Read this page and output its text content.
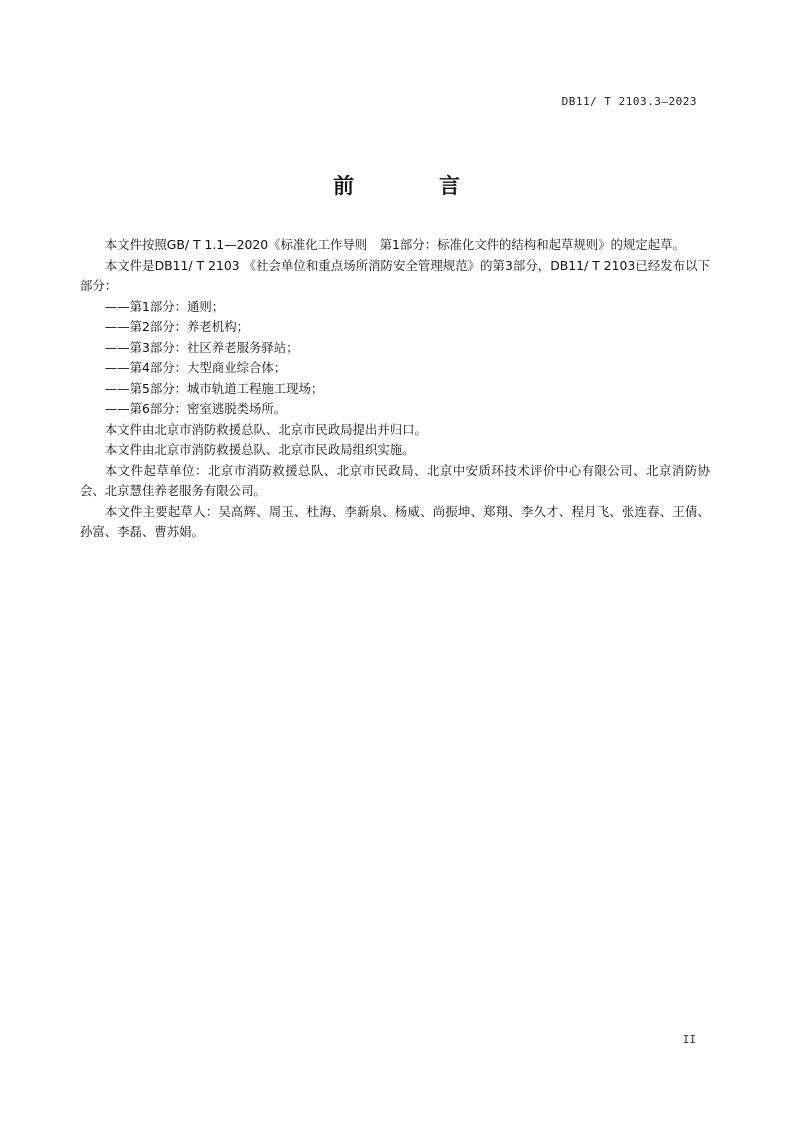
DB11/ T 2103.3—2023
前　言

本文件按照GB/ T 1.1—2020《标准化工作导则　第1部分：标准化文件的结构和起草规则》的规定起草。

本文件是DB11/ T 2103 《社会单位和重点场所消防安全管理规范》的第3部分，DB11/ T 2103已经发布以下部分：

——第1部分：通则；

——第2部分：养老机构；

——第3部分：社区养老服务驿站；

——第4部分：大型商业综合体；

——第5部分：城市轨道工程施工现场；

——第6部分：密室逃脱类场所。

本文件由北京市消防救援总队、北京市民政局提出并归口。

本文件由北京市消防救援总队、北京市民政局组织实施。

本文件起草单位：北京市消防救援总队、北京市民政局、北京中安质环技术评价中心有限公司、北京消防协会、北京慧佳养老服务有限公司。

本文件主要起草人：吴高辉、周玉、杜海、李新泉、杨威、尚振坤、郑翔、李久才、程月飞、张连春、王倩、孙富、李磊、曹苏娟。

II
